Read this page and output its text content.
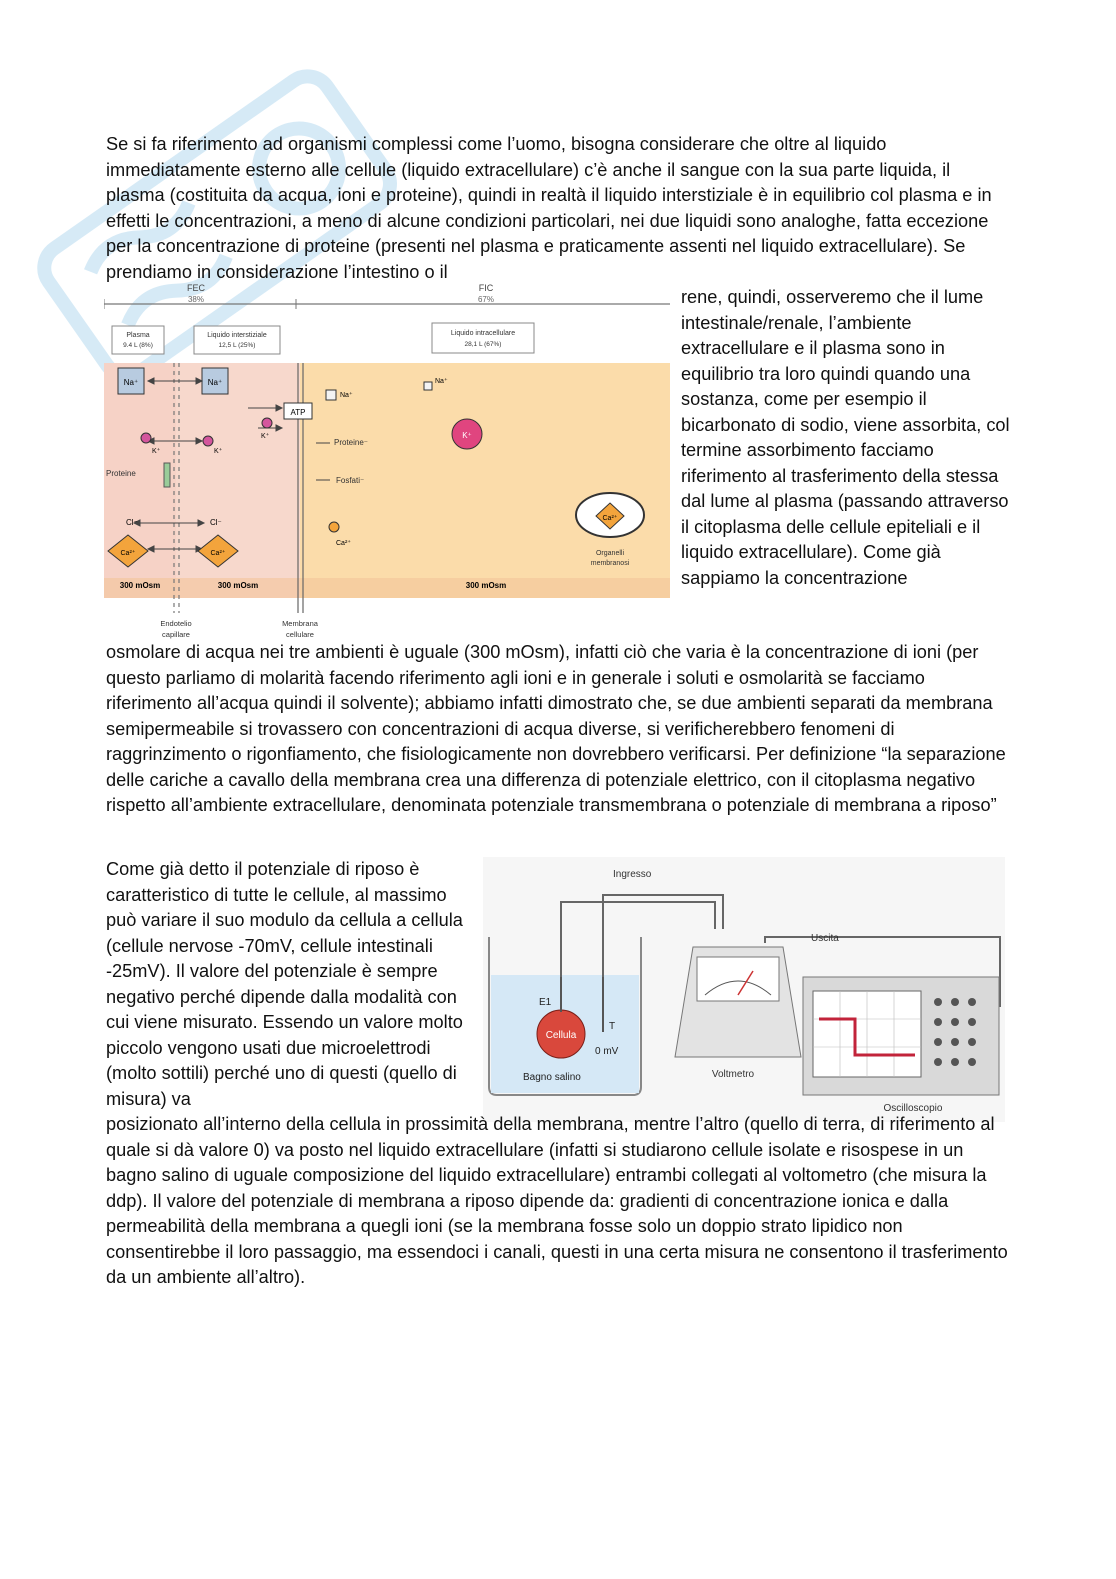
Se si fa riferimento ad organismi complessi come l’uomo, bisogna considerare che oltre al liquido immediatamente esterno alle cellule (liquido extracellulare) c’è anche il sangue con la sua parte liquida, il plasma (costituita da acqua, ioni e proteine), quindi in realtà il liquido interstiziale è in equilibrio col plasma e in effetti le concentrazioni, a meno di alcune condizioni particolari, nei due liquidi sono analoghe, fatta eccezione per la concentrazione di proteine (presenti nel plasma e praticamente assenti nel liquido extracellulare). Se prendiamo in considerazione l’intestino o il

FEC
38%
FIC
67%
Plasma
9.4 L (8%)
Liquido interstiziale
12,5 L (25%)
Liquido intracellulare
28,1 L (67%)
Na⁺	Na⁺
Na⁺
Na⁺
ATP
K⁺
K⁺	K⁺
K⁺
Proteine
Proteine⁻
Fosfati⁻
Cl⁻	Cl⁻
Ca²⁺	Ca²⁺
Ca²⁺
Ca²⁺
Organelli
membranosi
300 mOsm	300 mOsm	300 mOsm
Endotelio
capillare
Membrana
cellulare

rene, quindi, osserveremo che il lume intestinale/renale, l’ambiente extracellulare e il plasma sono in equilibrio tra loro quindi quando una sostanza, come per esempio il bicarbonato di sodio, viene assorbita, col termine assorbimento facciamo riferimento al trasferimento della stessa dal lume al plasma (passando attraverso il citoplasma delle cellule epiteliali e il liquido extracellulare). Come già sappiamo la concentrazione

osmolare di acqua nei tre ambienti è uguale (300 mOsm), infatti ciò che varia è la concentrazione di ioni (per questo parliamo di molarità facendo riferimento agli ioni e in generale i soluti e osmolarità se facciamo riferimento all’acqua quindi il solvente); abbiamo infatti dimostrato che, se due ambienti separati da membrana semipermeabile si trovassero con concentrazioni di acqua diverse, si verificherebbero fenomeni di raggrinzimento o rigonfiamento, che fisiologicamente non dovrebbero verificarsi. Per definizione “la separazione delle cariche a cavallo della membrana crea una differenza di potenziale elettrico, con il citoplasma negativo rispetto all’ambiente extracellulare, denominata potenziale transmembrana o potenziale di membrana a riposo”

Come già detto il potenziale di riposo è caratteristico di tutte le cellule, al massimo può variare il suo modulo da cellula a cellula (cellule nervose -70mV, cellule intestinali -25mV). Il valore del potenziale è sempre negativo perché dipende dalla modalità con cui viene misurato. Essendo un valore molto piccolo vengono usati due microelettrodi (molto sottili) perché uno di questi (quello di misura) va

Cellula
E1
T
0 mV
Bagno salino
Ingresso
Uscita
Voltmetro
Oscilloscopio

posizionato all’interno della cellula in prossimità della membrana, mentre l’altro (quello di terra, di riferimento al quale si dà valore 0) va posto nel liquido extracellulare (infatti si studiarono cellule isolate e risospese in un bagno salino di uguale composizione del liquido extracellulare) entrambi collegati al voltometro (che misura la ddp). Il valore del potenziale di membrana a riposo dipende da: gradienti di concentrazione ionica e dalla permeabilità della membrana a quegli ioni (se la membrana fosse solo un doppio strato lipidico non consentirebbe il loro passaggio, ma essendoci i canali, questi in una certa misura ne consentono il trasferimento da un ambiente all’altro).
